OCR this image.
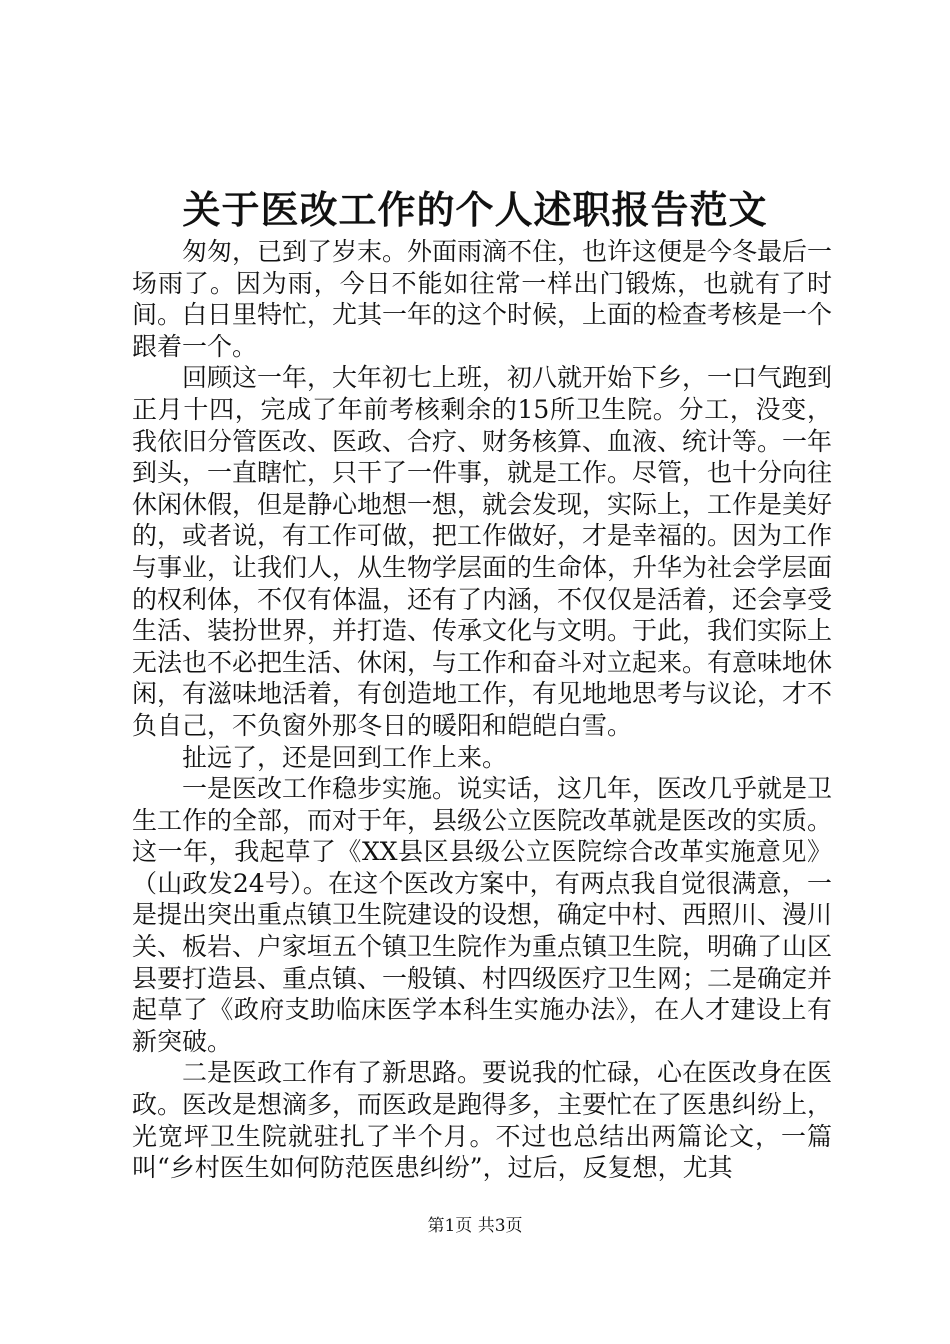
关于医改工作的个人述职报告范文

匆匆，已到了岁末。外面雨滴不住，也许这便是今冬最后一场雨了。因为雨，今日不能如往常一样出门锻炼，也就有了时间。白日里特忙，尤其一年的这个时候，上面的检查考核是一个跟着一个。

回顾这一年，大年初七上班，初八就开始下乡，一口气跑到正月十四，完成了年前考核剩余的15所卫生院。分工，没变，我依旧分管医改、医政、合疗、财务核算、血液、统计等。一年到头，一直瞎忙，只干了一件事，就是工作。尽管，也十分向往休闲休假，但是静心地想一想，就会发现，实际上，工作是美好的，或者说，有工作可做，把工作做好，才是幸福的。因为工作与事业，让我们人，从生物学层面的生命体，升华为社会学层面的权利体，不仅有体温，还有了内涵，不仅仅是活着，还会享受生活、装扮世界，并打造、传承文化与文明。于此，我们实际上无法也不必把生活、休闲，与工作和奋斗对立起来。有意味地休闲，有滋味地活着，有创造地工作，有见地地思考与议论，才不负自己，不负窗外那冬日的暖阳和皑皑白雪。

扯远了，还是回到工作上来。

一是医改工作稳步实施。说实话，这几年，医改几乎就是卫生工作的全部，而对于年，县级公立医院改革就是医改的实质。这一年，我起草了《XX县区县级公立医院综合改革实施意见》（山政发24号）。在这个医改方案中，有两点我自觉很满意，一是提出突出重点镇卫生院建设的设想，确定中村、西照川、漫川关、板岩、户家垣五个镇卫生院作为重点镇卫生院，明确了山区县要打造县、重点镇、一般镇、村四级医疗卫生网；二是确定并起草了《政府支助临床医学本科生实施办法》，在人才建设上有新突破。

二是医政工作有了新思路。要说我的忙碌，心在医改身在医政。医改是想滴多，而医政是跑得多，主要忙在了医患纠纷上，光宽坪卫生院就驻扎了半个月。不过也总结出两篇论文，一篇叫“乡村医生如何防范医患纠纷”，过后，反复想，尤其

第1页 共3页
